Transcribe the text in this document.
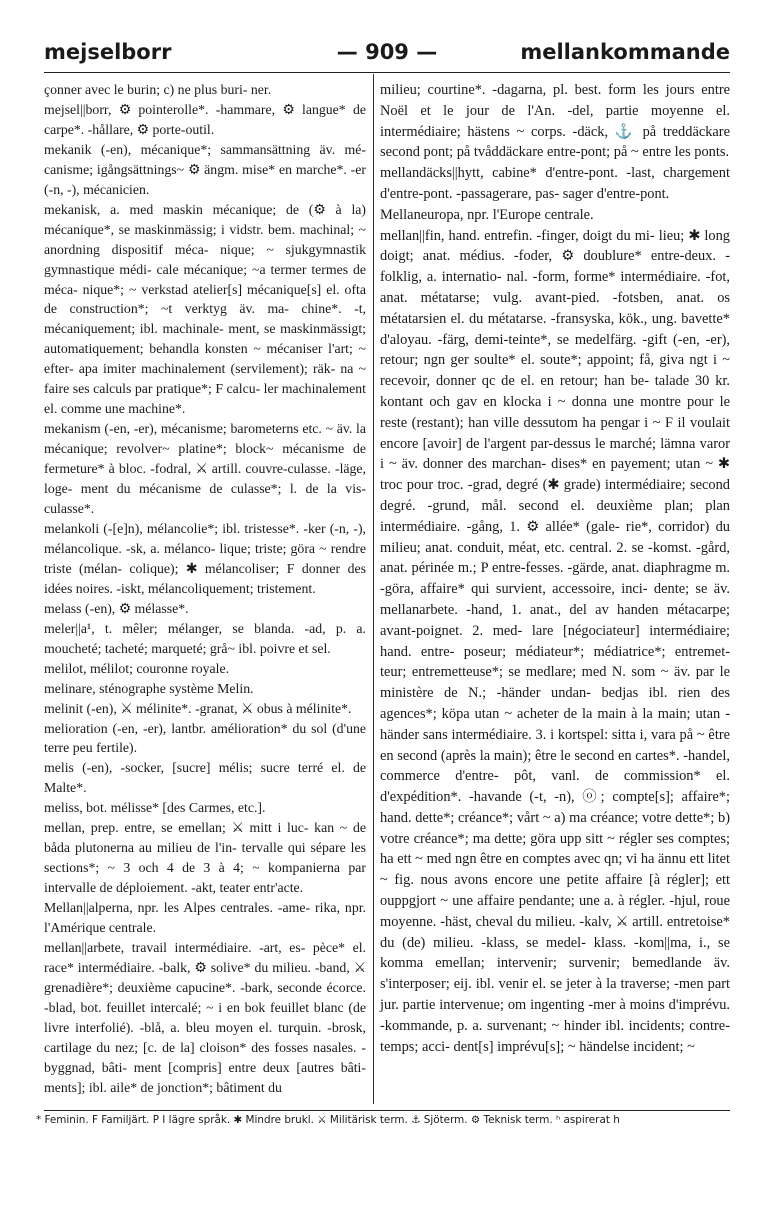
mejselborr	— 909 —	mellankommande

çonner avec le burin; c) ne plus buri- ner.

mejsel||borr, ⚙ pointerolle*. -hammare, ⚙ langue* de carpe*. -hållare, ⚙ porte-outil.

mekanik (-en), mécanique*; sammansättning äv. mé- canisme; igångsättnings~ ⚙ ängm. mise* en marche*. -er (-n, -), mécanicien.

mekanisk, a. med maskin mécanique; de (⚙ à la) mécanique*, se maskinmässig; i vidstr. bem. machinal; ~ anordning dispositif méca- nique; ~ sjukgymnastik gymnastique médi- cale mécanique; ~a termer termes de méca- nique*; ~ verkstad atelier[s] mécanique[s] el. ofta de construction*; ~t verktyg äv. ma- chine*. -t, mécaniquement; ibl. machinale- ment, se maskinmässigt; automatiquement; behandla konsten ~ mécaniser l'art; ~ efter- apa imiter machinalement (servilement); räk- na ~ faire ses calculs par pratique*; F calcu- ler machinalement el. comme une machine*.

mekanism (-en, -er), mécanisme; barometerns etc. ~ äv. la mécanique; revolver~ platine*; block~ mécanisme de fermeture* à bloc. -fodral, ⚔ artill. couvre-culasse. -läge, loge- ment du mécanisme de culasse*; l. de la vis-culasse*.

melankoli (-[e]n), mélancolie*; ibl. tristesse*. -ker (-n, -), mélancolique. -sk, a. mélanco- lique; triste; göra ~ rendre triste (mélan- colique); ✱ mélancoliser; F donner des idées noires. -iskt, mélancoliquement; tristement.

melass (-en), ⚙ mélasse*.

meler||a¹, t. mêler; mélanger, se blanda. -ad, p. a. moucheté; tacheté; marqueté; grå~ ibl. poivre et sel.

melilot, mélilot; couronne royale.

melinare, sténographe système Melin.

melinit (-en), ⚔ mélinite*. -granat, ⚔ obus à mélinite*.

melioration (-en, -er), lantbr. amélioration* du sol (d'une terre peu fertile).

melis (-en), -socker, [sucre] mélis; sucre terré el. de Malte*.

meliss, bot. mélisse* [des Carmes, etc.].

mellan, prep. entre, se emellan; ⚔ mitt i luc- kan ~ de båda plutonerna au milieu de l'in- tervalle qui sépare les sections*; ~ 3 och 4 de 3 à 4; ~ kompanierna par intervalle de déploiement. -akt, teater entr'acte.

Mellan||alperna, npr. les Alpes centrales. -ame- rika, npr. l'Amérique centrale.

mellan||arbete, travail intermédiaire. -art, es- pèce* el. race* intermédiaire. -balk, ⚙ solive* du milieu. -band, ⚔ grenadière*; deuxième capucine*. -bark, seconde écorce. -blad, bot. feuillet intercalé; ~ i en bok feuillet blanc (de livre interfolié). -blå, a. bleu moyen el. turquin. -brosk, cartilage du nez; [c. de la] cloison* des fosses nasales. -byggnad, bâti- ment [compris] entre deux [autres bâti- ments]; ibl. aile* de jonction*; bâtiment du

milieu; courtine*. -dagarna, pl. best. form les jours entre Noël et le jour de l'An. -del, partie moyenne el. intermédiaire; hästens ~ corps. -däck, ⚓ på treddäckare second pont; på tvåddäckare entre-pont; på ~ entre les ponts.

mellandäcks||hytt, cabine* d'entre-pont. -last, chargement d'entre-pont. -passagerare, pas- sager d'entre-pont.

Mellaneuropa, npr. l'Europe centrale.

mellan||fin, hand. entrefin. -finger, doigt du mi- lieu; ✱ long doigt; anat. médius. -foder, ⚙ doublure* entre-deux. -folklig, a. internatio- nal. -form, forme* intermédiaire. -fot, anat. métatarse; vulg. avant-pied. -fotsben, anat. os métatarsien el. du métatarse. -fransyska, kök., ung. bavette* d'aloyau. -färg, demi-teinte*, se medelfärg. -gift (-en, -er), retour; ngn ger soulte* el. soute*; appoint; få, giva ngt i ~ recevoir, donner qc de el. en retour; han be- talade 30 kr. kontant och gav en klocka i ~ donna une montre pour le reste (restant); han ville dessutom ha pengar i ~ F il voulait encore [avoir] de l'argent par-dessus le marché; lämna varor i ~ äv. donner des marchan- dises* en payement; utan ~ ✱ troc pour troc. -grad, degré (✱ grade) intermédiaire; second degré. -grund, mål. second el. deuxième plan; plan intermédiaire. -gång, 1. ⚙ allée* (gale- rie*, corridor) du milieu; anat. conduit, méat, etc. central. 2. se -komst. -gård, anat. périnée m.; P entre-fesses. -gärde, anat. diaphragme m. -göra, affaire* qui survient, accessoire, inci- dente; se äv. mellanarbete. -hand, 1. anat., del av handen métacarpe; avant-poignet. 2. med- lare [négociateur] intermédiaire; hand. entre- poseur; médiateur*; médiatrice*; entremet- teur; entremetteuse*; se medlare; med N. som ~ äv. par le ministère de N.; -händer undan- bedjas ibl. rien des agences*; köpa utan ~ acheter de la main à la main; utan -händer sans intermédiaire. 3. i kortspel: sitta i, vara på ~ être en second (après la main); être le second en cartes*. -handel, commerce d'entre- pôt, vanl. de commission* el. d'expédition*. -havande (-t, -n), ⓞ; compte[s]; affaire*; hand. dette*; créance*; vårt ~ a) ma créance; votre dette*; b) votre créance*; ma dette; göra upp sitt ~ régler ses comptes; ha ett ~ med ngn être en comptes avec qn; vi ha ännu ett litet ~ fig. nous avons encore une petite affaire [à régler]; ett ouppgjort ~ une affaire pendante; une a. à régler. -hjul, roue moyenne. -häst, cheval du milieu. -kalv, ⚔ artill. entretoise* du (de) milieu. -klass, se medel- klass. -kom||ma, i., se komma emellan; intervenir; survenir; bemedlande äv. s'interposer; eij. ibl. venir el. se jeter à la traverse; -men part jur. partie intervenue; om ingenting -mer à moins d'imprévu. -kommande, p. a. survenant; ~ hinder ibl. incidents; contre-temps; acci- dent[s] imprévu[s]; ~ händelse incident; ~

* Feminin. F Familjärt. P I lägre språk. ✱ Mindre brukl. ⚔ Militärisk term. ⚓ Sjöterm. ⚙ Teknisk term. ʰ aspirerat h
